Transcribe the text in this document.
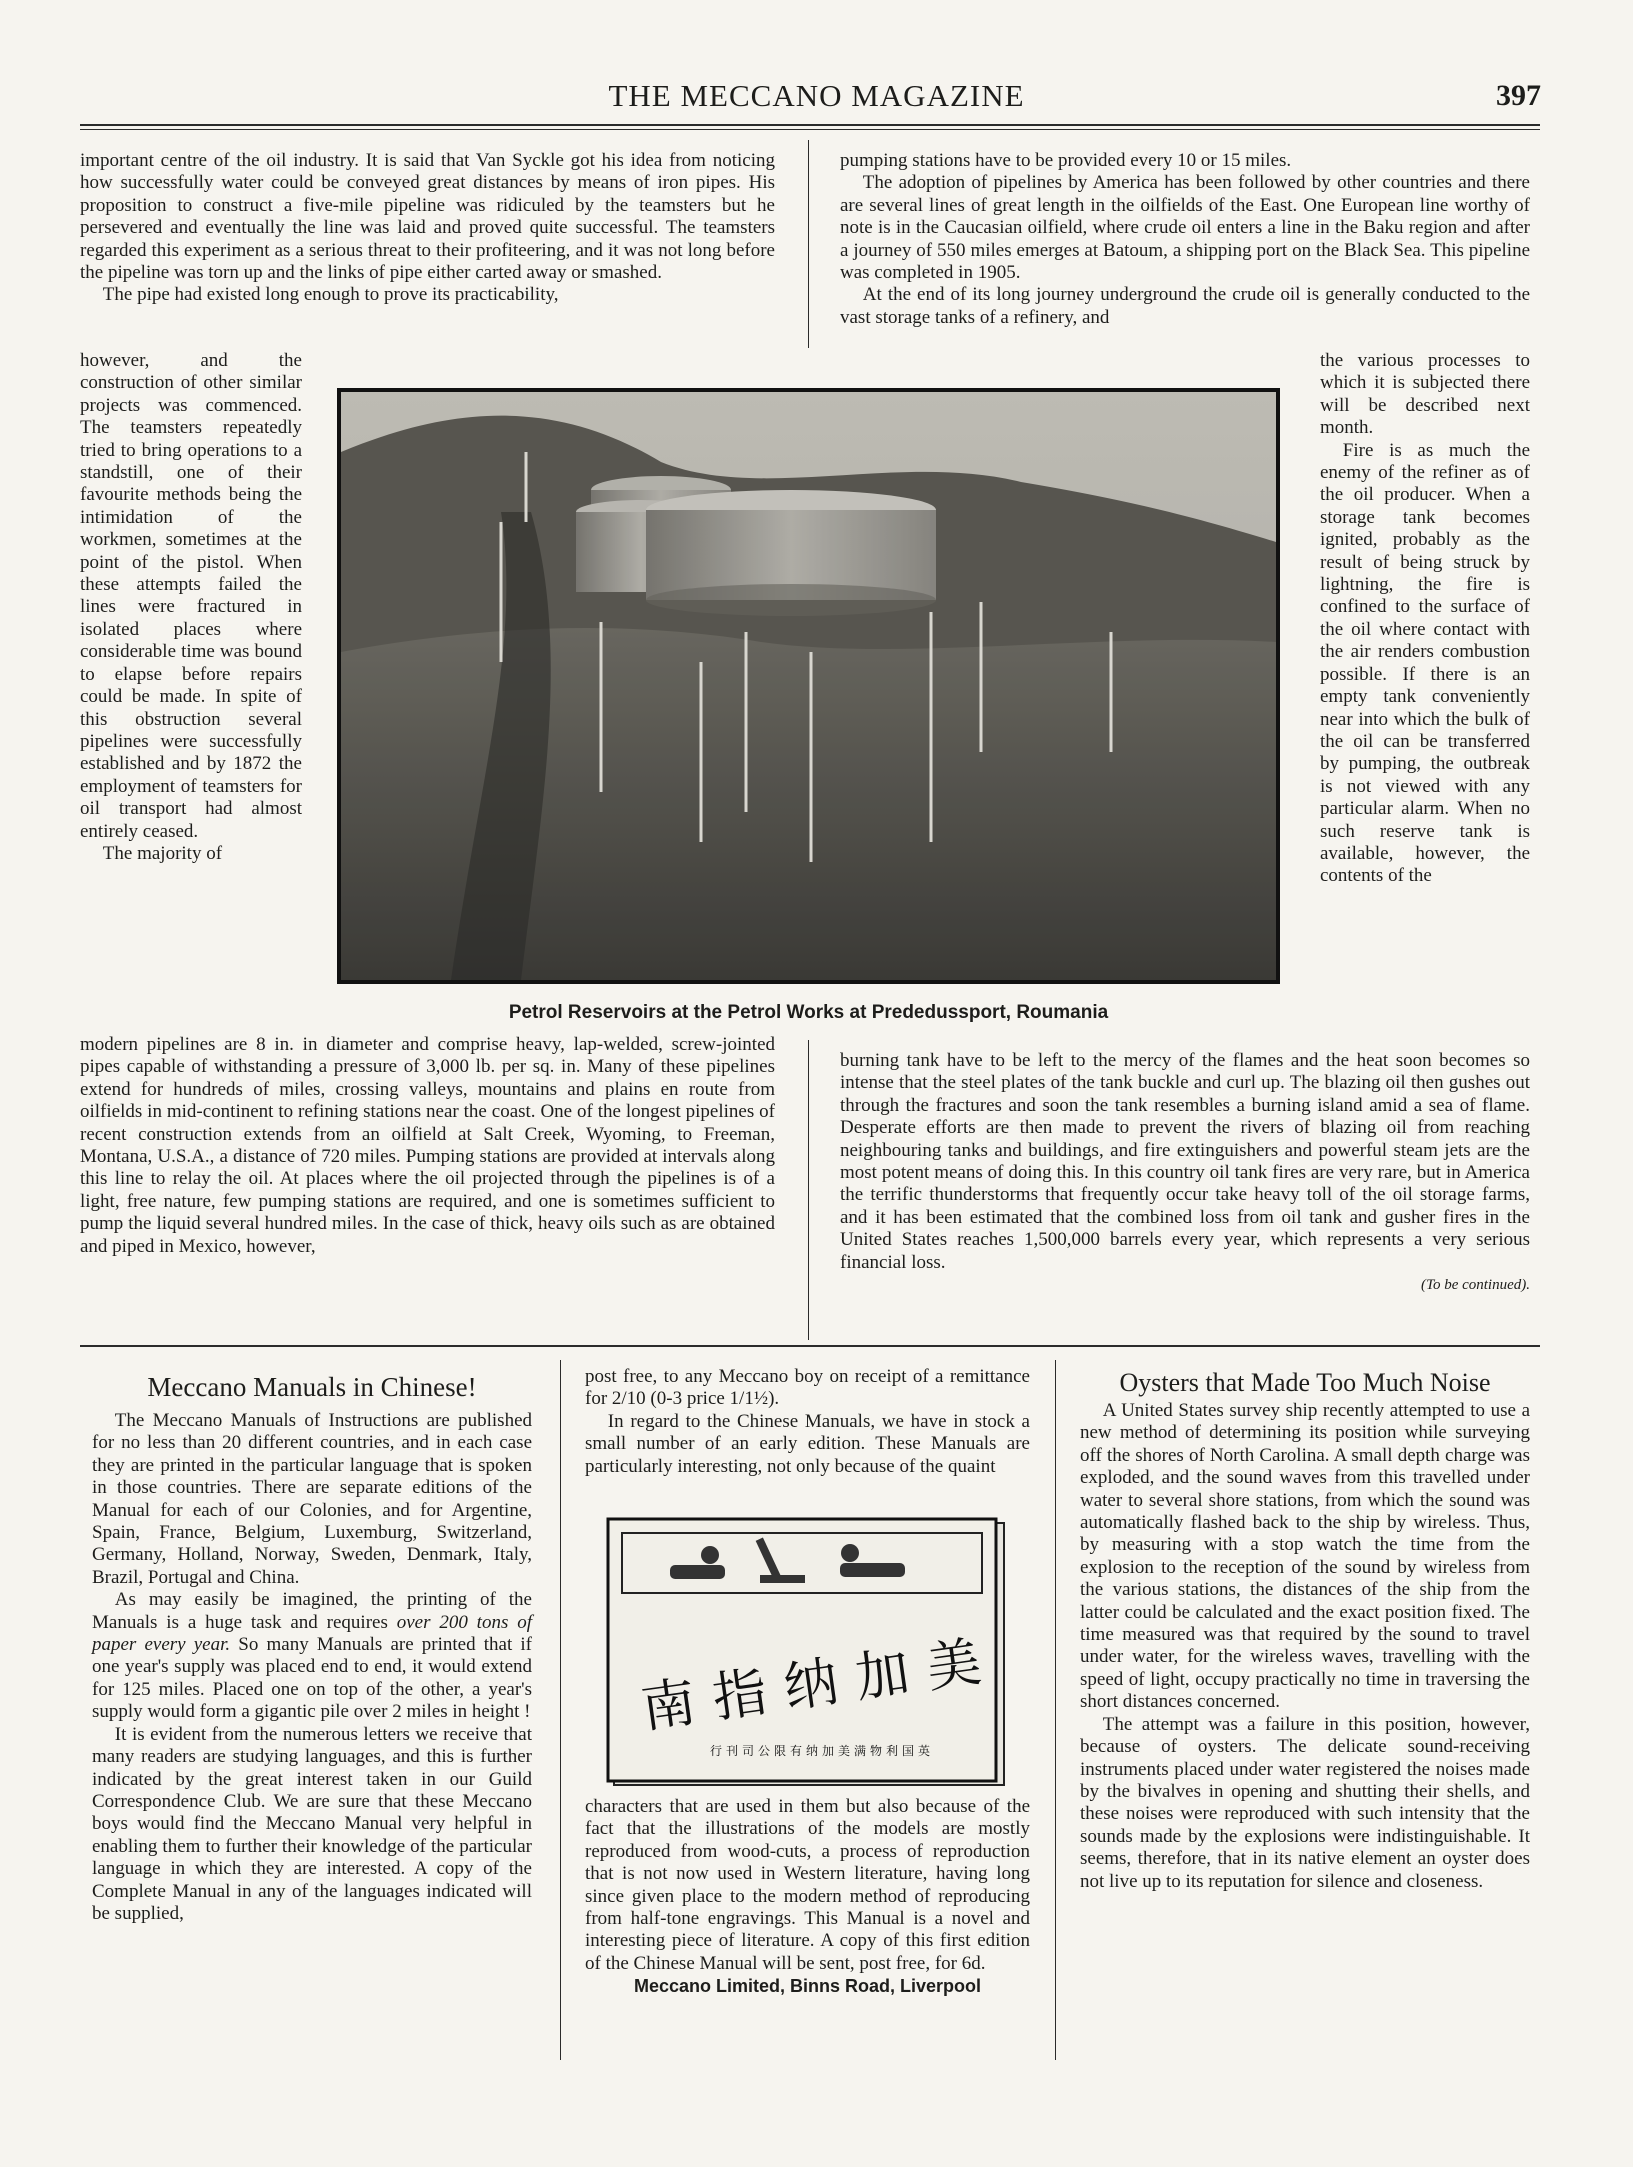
THE MECCANO MAGAZINE	397

important centre of the oil industry. It is said that Van Syckle got his idea from noticing how successfully water could be conveyed great distances by means of iron pipes. His proposition to construct a five-mile pipeline was ridiculed by the teamsters but he persevered and eventually the line was laid and proved quite successful. The teamsters regarded this experiment as a serious threat to their profiteering, and it was not long before the pipeline was torn up and the links of pipe either carted away or smashed.

The pipe had existed long enough to prove its practicability,

however, and the construction of other similar projects was commenced. The teamsters repeatedly tried to bring operations to a standstill, one of their favourite methods being the intimidation of the workmen, sometimes at the point of the pistol. When these attempts failed the lines were fractured in isolated places where considerable time was bound to elapse before repairs could be made. In spite of this obstruction several pipelines were successfully established and by 1872 the employment of teamsters for oil transport had almost entirely ceased.

The majority of

modern pipelines are 8 in. in diameter and comprise heavy, lap-welded, screw-jointed pipes capable of withstanding a pressure of 3,000 lb. per sq. in. Many of these pipelines extend for hundreds of miles, crossing valleys, mountains and plains en route from oilfields in mid-continent to refining stations near the coast. One of the longest pipelines of recent construction extends from an oilfield at Salt Creek, Wyoming, to Freeman, Montana, U.S.A., a distance of 720 miles. Pumping stations are provided at intervals along this line to relay the oil. At places where the oil projected through the pipelines is of a light, free nature, few pumping stations are required, and one is sometimes sufficient to pump the liquid several hundred miles. In the case of thick, heavy oils such as are obtained and piped in Mexico, however,

pumping stations have to be provided every 10 or 15 miles.

The adoption of pipelines by America has been followed by other countries and there are several lines of great length in the oilfields of the East. One European line worthy of note is in the Caucasian oilfield, where crude oil enters a line in the Baku region and after a journey of 550 miles emerges at Batoum, a shipping port on the Black Sea. This pipeline was completed in 1905.

At the end of its long journey underground the crude oil is generally conducted to the vast storage tanks of a refinery, and

the various processes to which it is subjected there will be described next month.

Fire is as much the enemy of the refiner as of the oil producer. When a storage tank becomes ignited, probably as the result of being struck by lightning, the fire is confined to the surface of the oil where contact with the air renders combustion possible. If there is an empty tank conveniently near into which the bulk of the oil can be transferred by pumping, the outbreak is not viewed with any particular alarm. When no such reserve tank is available, however, the contents of the

burning tank have to be left to the mercy of the flames and the heat soon becomes so intense that the steel plates of the tank buckle and curl up. The blazing oil then gushes out through the fractures and soon the tank resembles a burning island amid a sea of flame. Desperate efforts are then made to prevent the rivers of blazing oil from reaching neighbouring tanks and buildings, and fire extinguishers and powerful steam jets are the most potent means of doing this. In this country oil tank fires are very rare, but in America the terrific thunderstorms that frequently occur take heavy toll of the oil storage farms, and it has been estimated that the combined loss from oil tank and gusher fires in the United States reaches 1,500,000 barrels every year, which represents a very serious financial loss.

(To be continued).
Petrol Reservoirs at the Petrol Works at Prededussport, Roumania
Meccano Manuals in Chinese!

The Meccano Manuals of Instructions are published for no less than 20 different countries, and in each case they are printed in the particular language that is spoken in those countries. There are separate editions of the Manual for each of our Colonies, and for Argentine, Spain, France, Belgium, Luxemburg, Switzerland, Germany, Holland, Norway, Sweden, Denmark, Italy, Brazil, Portugal and China.

As may easily be imagined, the printing of the Manuals is a huge task and requires over 200 tons of paper every year. So many Manuals are printed that if one year's supply was placed end to end, it would extend for 125 miles. Placed one on top of the other, a year's supply would form a gigantic pile over 2 miles in height !

It is evident from the numerous letters we receive that many readers are studying languages, and this is further indicated by the great interest taken in our Guild Correspondence Club. We are sure that these Meccano boys would find the Meccano Manual very helpful in enabling them to further their knowledge of the particular language in which they are interested. A copy of the Complete Manual in any of the languages indicated will be supplied,

post free, to any Meccano boy on receipt of a remittance for 2/10 (0-3 price 1/1½).

In regard to the Chinese Manuals, we have in stock a small number of an early edition. These Manuals are particularly interesting, not only because of the quaint

南指纳加美
行刊司公限有纳加美满物利国英

characters that are used in them but also because of the fact that the illustrations of the models are mostly reproduced from wood-cuts, a process of reproduction that is not now used in Western literature, having long since given place to the modern method of reproducing from half-tone engravings. This Manual is a novel and interesting piece of literature. A copy of this first edition of the Chinese Manual will be sent, post free, for 6d.

Meccano Limited, Binns Road, Liverpool
Oysters that Made Too Much Noise

A United States survey ship recently attempted to use a new method of determining its position while surveying off the shores of North Carolina. A small depth charge was exploded, and the sound waves from this travelled under water to several shore stations, from which the sound was automatically flashed back to the ship by wireless. Thus, by measuring with a stop watch the time from the explosion to the reception of the sound by wireless from the various stations, the distances of the ship from the latter could be calculated and the exact position fixed. The time measured was that required by the sound to travel under water, for the wireless waves, travelling with the speed of light, occupy practically no time in traversing the short distances concerned.

The attempt was a failure in this position, however, because of oysters. The delicate sound-receiving instruments placed under water registered the noises made by the bivalves in opening and shutting their shells, and these noises were reproduced with such intensity that the sounds made by the explosions were indistinguishable. It seems, therefore, that in its native element an oyster does not live up to its reputation for silence and closeness.
